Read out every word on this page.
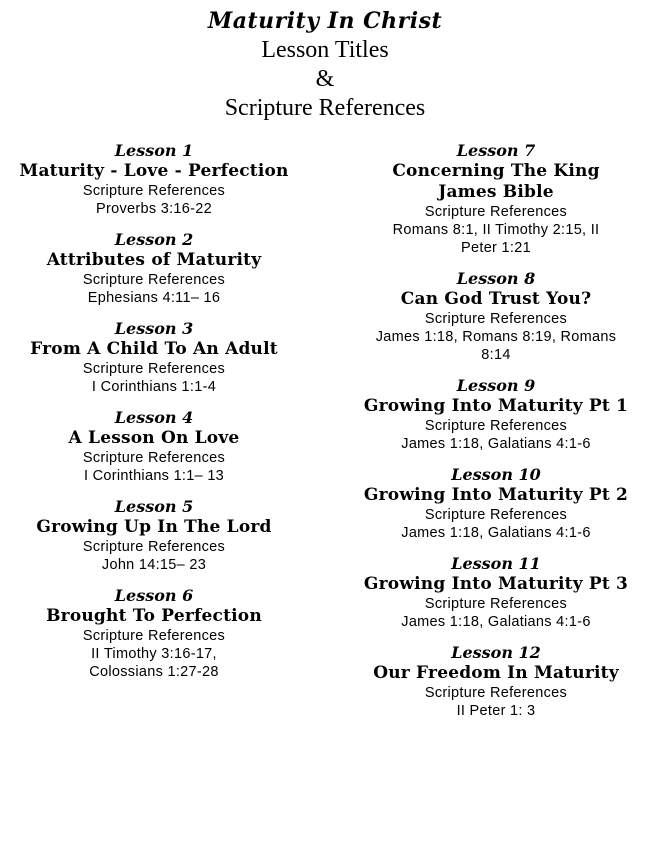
Maturity In Christ
Lesson Titles
&
Scripture References
Lesson 1
Maturity - Love - Perfection
Scripture References
Proverbs 3:16-22
Lesson 2
Attributes of Maturity
Scripture References
Ephesians 4:11– 16
Lesson 3
From A Child To An Adult
Scripture References
I Corinthians 1:1-4
Lesson 4
A Lesson On Love
Scripture References
I Corinthians 1:1– 13
Lesson 5
Growing Up In The Lord
Scripture References
John 14:15– 23
Lesson 6
Brought To Perfection
Scripture References
II Timothy 3:16-17,
Colossians 1:27-28
Lesson 7
Concerning The King
James Bible
Scripture References
Romans 8:1, II Timothy 2:15, II
Peter 1:21
Lesson 8
Can God Trust You?
Scripture References
James 1:18, Romans 8:19, Romans
8:14
Lesson 9
Growing Into Maturity Pt 1
Scripture References
James 1:18, Galatians 4:1-6
Lesson 10
Growing Into Maturity Pt 2
Scripture References
James 1:18, Galatians 4:1-6
Lesson 11
Growing Into Maturity Pt 3
Scripture References
James 1:18, Galatians 4:1-6
Lesson 12
Our Freedom In Maturity
Scripture References
II Peter 1: 3
